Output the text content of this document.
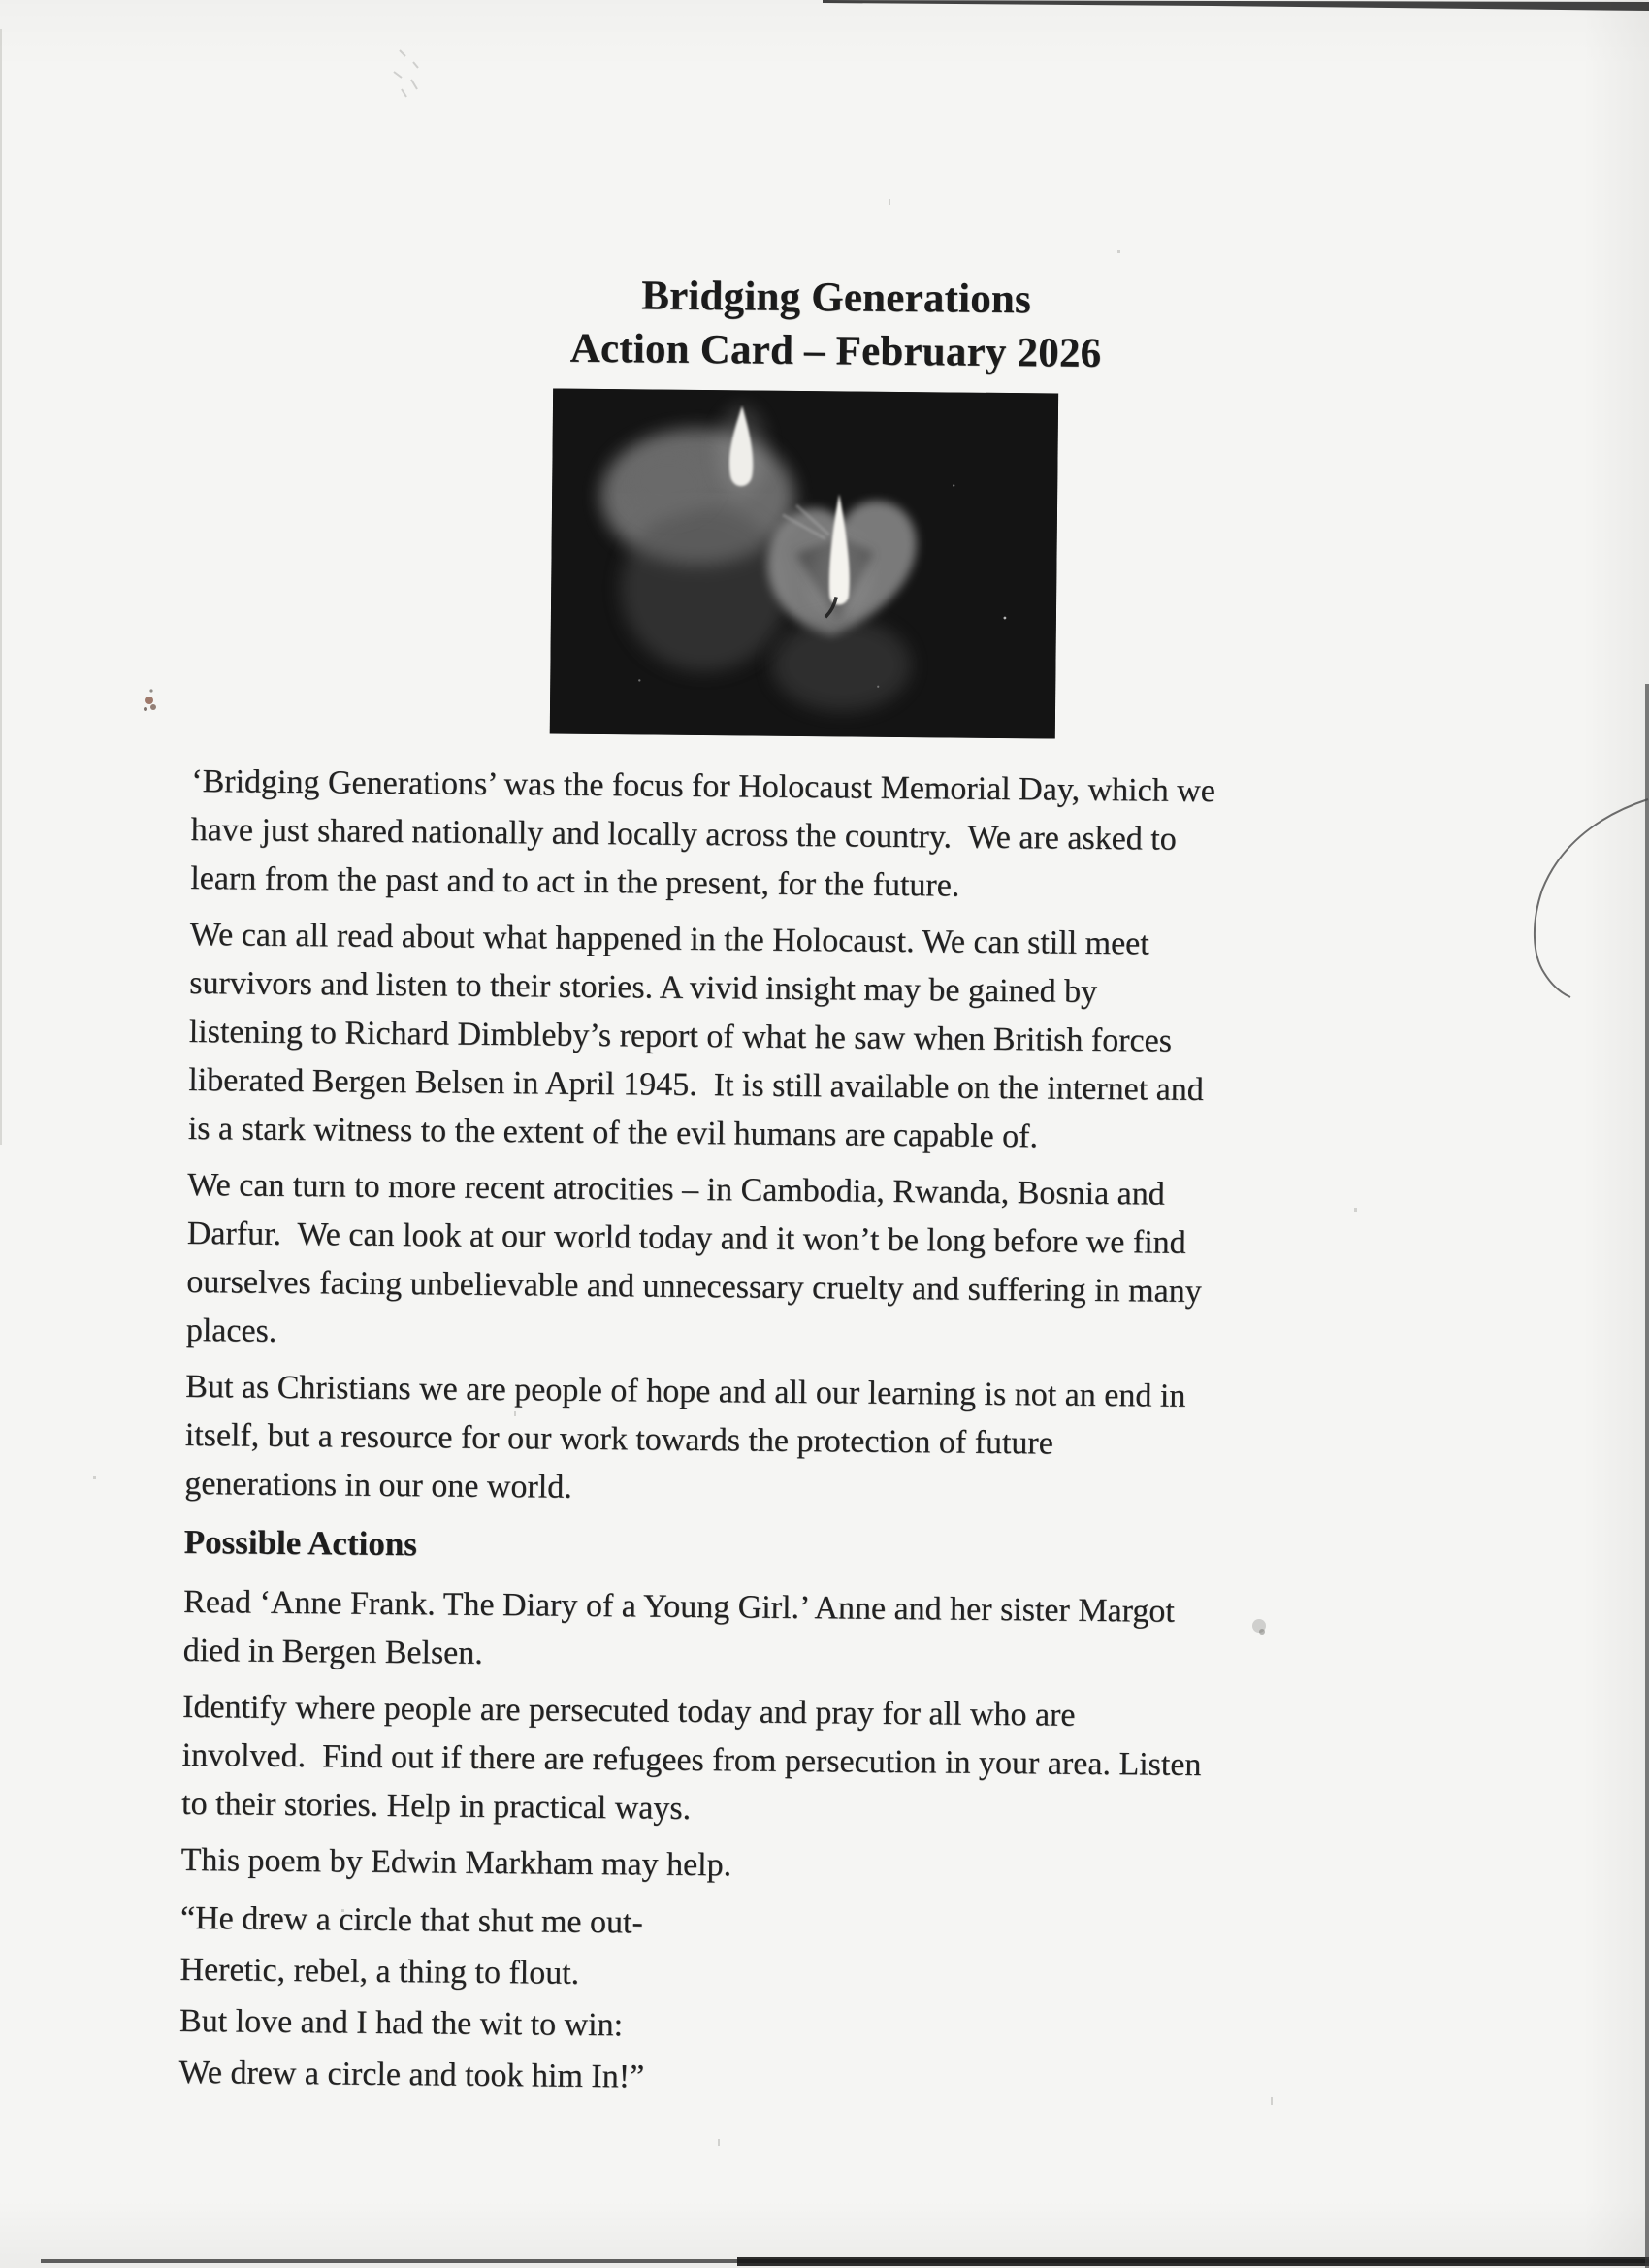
Bridging Generations
Action Card – February 2026

‘Bridging Generations’ was the focus for Holocaust Memorial Day, which we
have just shared nationally and locally across the country.  We are asked to
learn from the past and to act in the present, for the future.

We can all read about what happened in the Holocaust. We can still meet
survivors and listen to their stories. A vivid insight may be gained by
listening to Richard Dimbleby’s report of what he saw when British forces
liberated Bergen Belsen in April 1945.  It is still available on the internet and
is a stark witness to the extent of the evil humans are capable of.

We can turn to more recent atrocities – in Cambodia, Rwanda, Bosnia and
Darfur.  We can look at our world today and it won’t be long before we find
ourselves facing unbelievable and unnecessary cruelty and suffering in many
places.

But as Christians we are people of hope and all our learning is not an end in
itself, but a resource for our work towards the protection of future
generations in our one world.

Possible Actions

Read ‘Anne Frank. The Diary of a Young Girl.’ Anne and her sister Margot
died in Bergen Belsen.

Identify where people are persecuted today and pray for all who are
involved.  Find out if there are refugees from persecution in your area. Listen
to their stories. Help in practical ways.

This poem by Edwin Markham may help.

“He drew a circle that shut me out-
Heretic, rebel, a thing to flout.
But love and I had the wit to win:
We drew a circle and took him In!”
